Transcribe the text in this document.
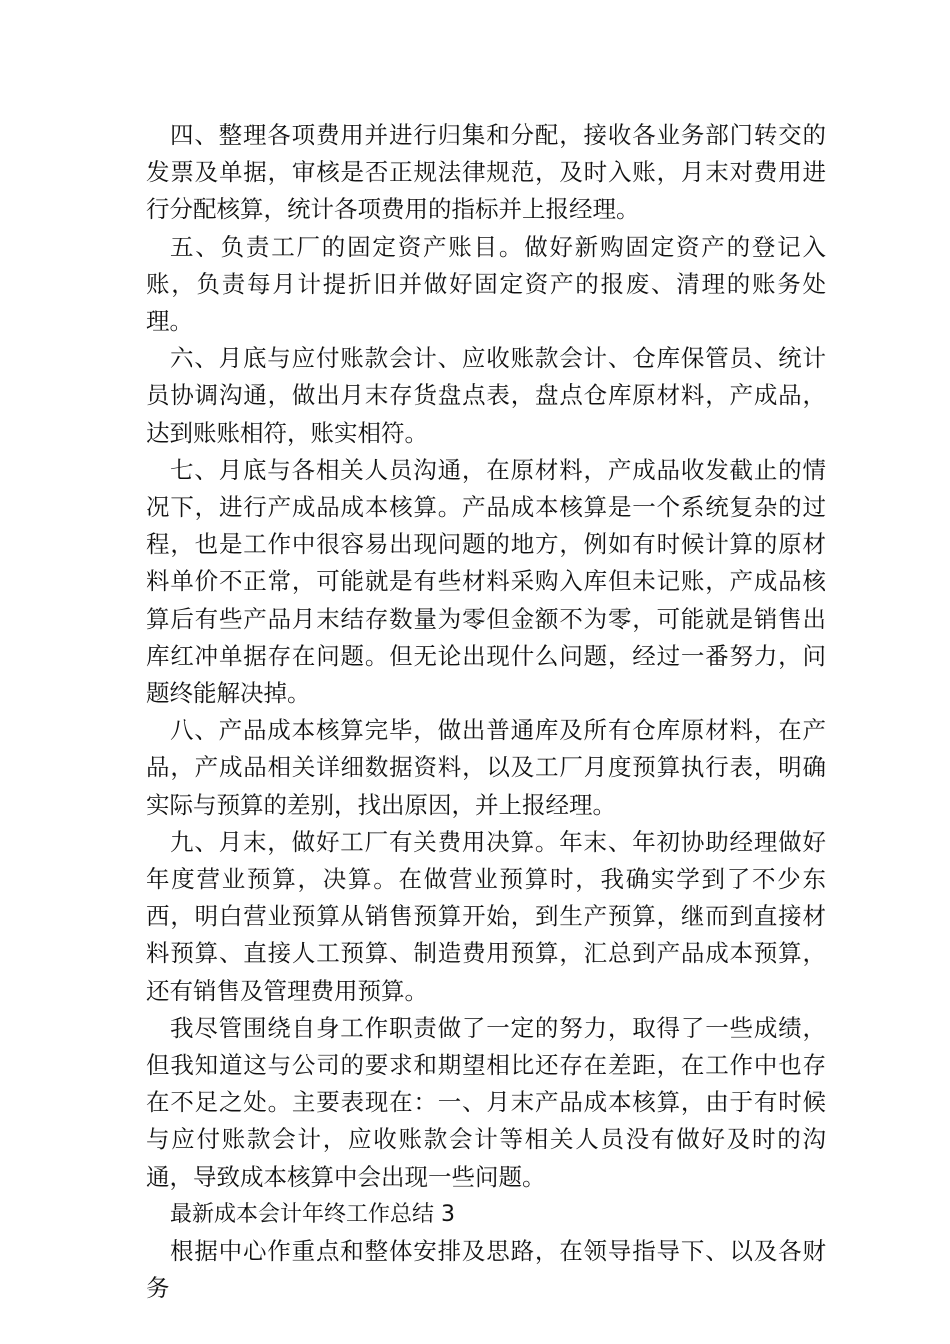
四、整理各项费用并进行归集和分配，接收各业务部门转交的发票及单据，审核是否正规法律规范，及时入账，月末对费用进行分配核算，统计各项费用的指标并上报经理。

五、负责工厂的固定资产账目。做好新购固定资产的登记入账，负责每月计提折旧并做好固定资产的报废、清理的账务处理。

六、月底与应付账款会计、应收账款会计、仓库保管员、统计员协调沟通，做出月末存货盘点表，盘点仓库原材料，产成品，达到账账相符，账实相符。

七、月底与各相关人员沟通，在原材料，产成品收发截止的情况下，进行产成品成本核算。产品成本核算是一个系统复杂的过程，也是工作中很容易出现问题的地方，例如有时候计算的原材料单价不正常，可能就是有些材料采购入库但未记账，产成品核算后有些产品月末结存数量为零但金额不为零，可能就是销售出库红冲单据存在问题。但无论出现什么问题，经过一番努力，问题终能解决掉。

八、产品成本核算完毕，做出普通库及所有仓库原材料，在产品，产成品相关详细数据资料，以及工厂月度预算执行表，明确实际与预算的差别，找出原因，并上报经理。

九、月末，做好工厂有关费用决算。年末、年初协助经理做好年度营业预算，决算。在做营业预算时，我确实学到了不少东西，明白营业预算从销售预算开始，到生产预算，继而到直接材料预算、直接人工预算、制造费用预算，汇总到产品成本预算，还有销售及管理费用预算。

我尽管围绕自身工作职责做了一定的努力，取得了一些成绩，但我知道这与公司的要求和期望相比还存在差距，在工作中也存在不足之处。主要表现在：一、月末产品成本核算，由于有时候与应付账款会计，应收账款会计等相关人员没有做好及时的沟通，导致成本核算中会出现一些问题。

最新成本会计年终工作总结 3

根据中心作重点和整体安排及思路，在领导指导下、以及各财务
